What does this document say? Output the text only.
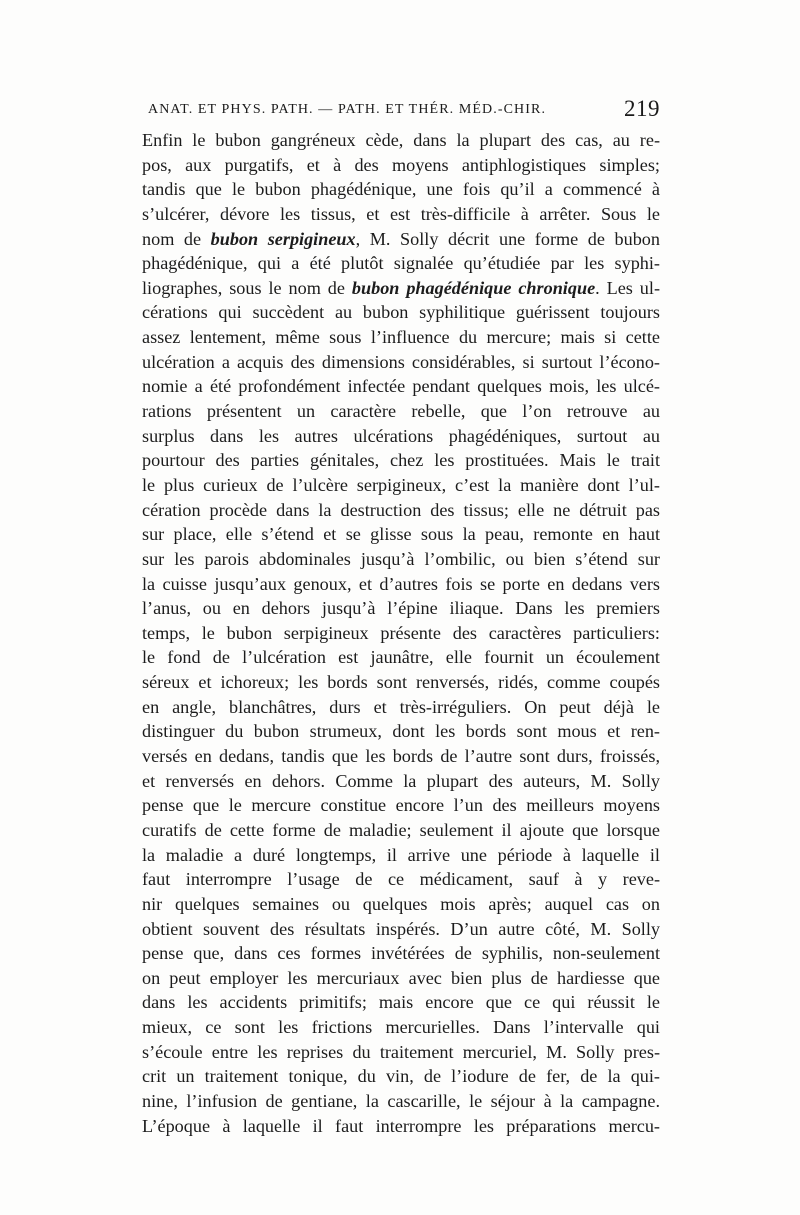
ANAT. ET PHYS. PATH. — PATH. ET THÉR. MÉD.-CHIR.	219
Enfin le bubon gangréneux cède, dans la plupart des cas, au re-
pos, aux purgatifs, et à des moyens antiphlogistiques simples;
tandis que le bubon phagédénique, une fois qu’il a commencé à
s’ulcérer, dévore les tissus, et est très-difficile à arrêter. Sous le
nom de bubon serpigineux, M. Solly décrit une forme de bubon
phagédénique, qui a été plutôt signalée qu’étudiée par les syphi-
liographes, sous le nom de bubon phagédénique chronique. Les ul-
cérations qui succèdent au bubon syphilitique guérissent toujours
assez lentement, même sous l’influence du mercure; mais si cette
ulcération a acquis des dimensions considérables, si surtout l’écono-
nomie a été profondément infectée pendant quelques mois, les ulcé-
rations présentent un caractère rebelle, que l’on retrouve au
surplus dans les autres ulcérations phagédéniques, surtout au
pourtour des parties génitales, chez les prostituées. Mais le trait
le plus curieux de l’ulcère serpigineux, c’est la manière dont l’ul-
cération procède dans la destruction des tissus; elle ne détruit pas
sur place, elle s’étend et se glisse sous la peau, remonte en haut
sur les parois abdominales jusqu’à l’ombilic, ou bien s’étend sur
la cuisse jusqu’aux genoux, et d’autres fois se porte en dedans vers
l’anus, ou en dehors jusqu’à l’épine iliaque. Dans les premiers
temps, le bubon serpigineux présente des caractères particuliers:
le fond de l’ulcération est jaunâtre, elle fournit un écoulement
séreux et ichoreux; les bords sont renversés, ridés, comme coupés
en angle, blanchâtres, durs et très-irréguliers. On peut déjà le
distinguer du bubon strumeux, dont les bords sont mous et ren-
versés en dedans, tandis que les bords de l’autre sont durs, froissés,
et renversés en dehors. Comme la plupart des auteurs, M. Solly
pense que le mercure constitue encore l’un des meilleurs moyens
curatifs de cette forme de maladie; seulement il ajoute que lorsque
la maladie a duré longtemps, il arrive une période à laquelle il
faut interrompre l’usage de ce médicament, sauf à y reve-
nir quelques semaines ou quelques mois après; auquel cas on
obtient souvent des résultats inspérés. D’un autre côté, M. Solly
pense que, dans ces formes invétérées de syphilis, non-seulement
on peut employer les mercuriaux avec bien plus de hardiesse que
dans les accidents primitifs; mais encore que ce qui réussit le
mieux, ce sont les frictions mercurielles. Dans l’intervalle qui
s’écoule entre les reprises du traitement mercuriel, M. Solly pres-
crit un traitement tonique, du vin, de l’iodure de fer, de la qui-
nine, l’infusion de gentiane, la cascarille, le séjour à la campagne.
L’époque à laquelle il faut interrompre les préparations mercu-
